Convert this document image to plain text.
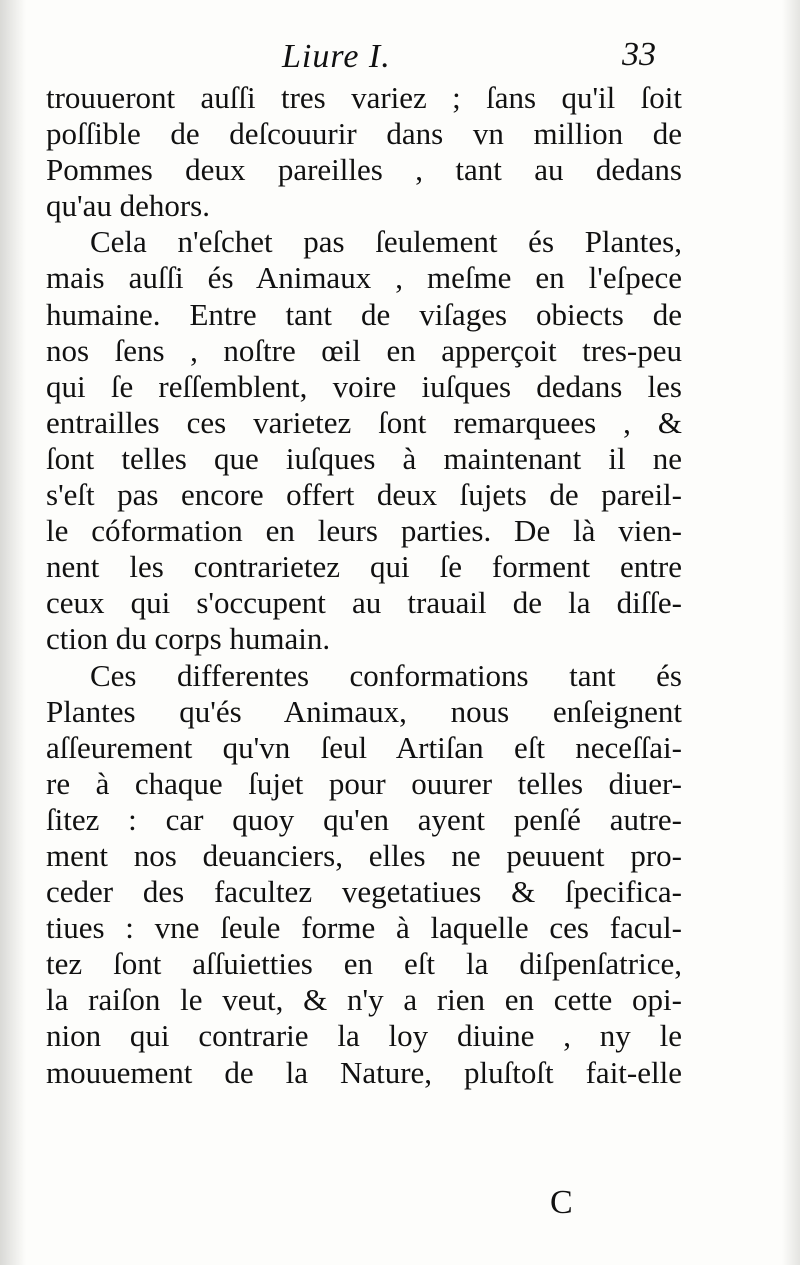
Liure I.	33
trouueront auſſi tres variez ; ſans qu'il ſoit
poſſible de deſcouurir dans vn million de
Pommes deux pareilles , tant au dedans
qu'au dehors.
Cela n'eſchet pas ſeulement és Plantes,
mais auſſi és Animaux , meſme en l'eſpece
humaine. Entre tant de viſages obiects de
nos ſens , noſtre œil en apperçoit tres-peu
qui ſe reſſemblent, voire iuſques dedans les
entrailles ces varietez ſont remarquees , &
ſont telles que iuſques à maintenant il ne
s'eſt pas encore offert deux ſujets de pareil-
le cóformation en leurs parties. De là vien-
nent les contrarietez qui ſe forment entre
ceux qui s'occupent au trauail de la diſſe-
ction du corps humain.
Ces differentes conformations tant és
Plantes qu'és Animaux, nous enſeignent
aſſeurement qu'vn ſeul Artiſan eſt neceſſai-
re à chaque ſujet pour ouurer telles diuer-
ſitez : car quoy qu'en ayent penſé autre-
ment nos deuanciers, elles ne peuuent pro-
ceder des facultez vegetatiues & ſpecifica-
tiues : vne ſeule forme à laquelle ces facul-
tez ſont aſſuietties en eſt la diſpenſatrice,
la raiſon le veut, & n'y a rien en cette opi-
nion qui contrarie la loy diuine , ny le
mouuement de la Nature, pluſtoſt fait-elle
C
